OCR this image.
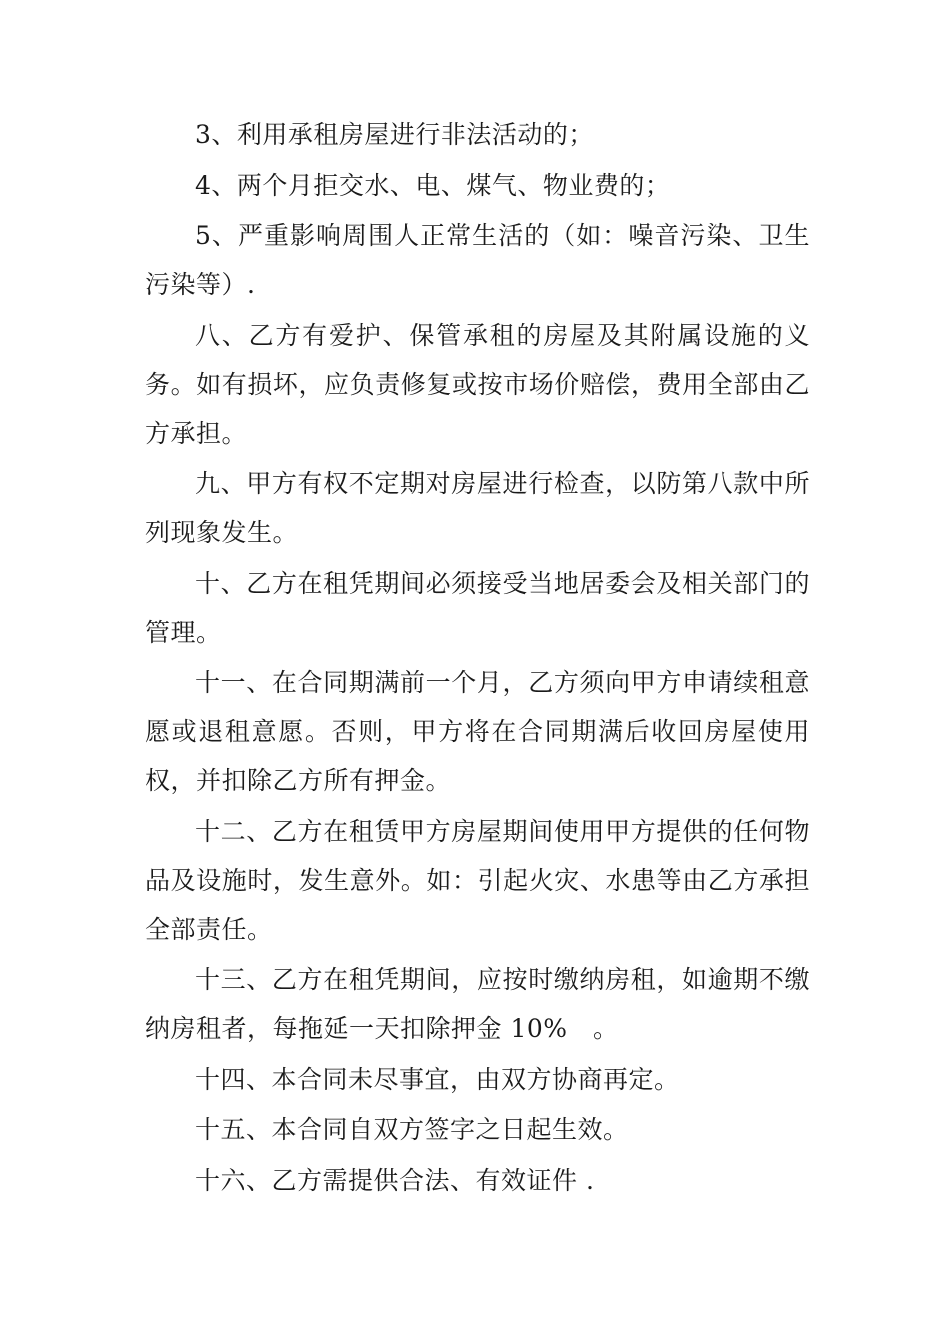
3、利用承租房屋进行非法活动的；

4、两个月拒交水、电、煤气、物业费的；

5、严重影响周围人正常生活的（如：噪音污染、卫生污染等）.

八、乙方有爱护、保管承租的房屋及其附属设施的义务。如有损坏，应负责修复或按市场价赔偿，费用全部由乙方承担。

九、甲方有权不定期对房屋进行检查，以防第八款中所列现象发生。

十、乙方在租凭期间必须接受当地居委会及相关部门的管理。

十一、在合同期满前一个月，乙方须向甲方申请续租意愿或退租意愿。否则，甲方将在合同期满后收回房屋使用权，并扣除乙方所有押金。

十二、乙方在租赁甲方房屋期间使用甲方提供的任何物品及设施时，发生意外。如：引起火灾、水患等由乙方承担全部责任。

十三、乙方在租凭期间，应按时缴纳房租，如逾期不缴纳房租者，每拖延一天扣除押金 10%　。

十四、本合同未尽事宜，由双方协商再定。

十五、本合同自双方签字之日起生效。

十六、乙方需提供合法、有效证件 .
